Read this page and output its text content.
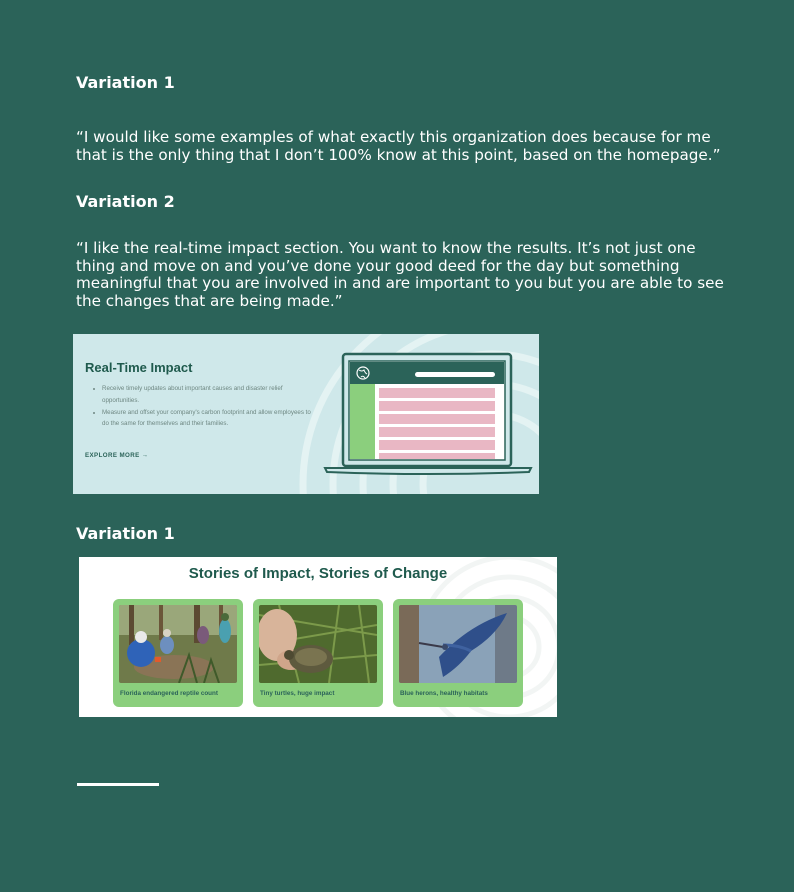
Variation 1

“I would like some examples of what exactly this organization does because for me that is the only thing that I don’t 100% know at this point, based on the homepage.”

Variation 2

“I like the real-time impact section. You want to know the results. It’s not just one thing and move on and you’ve done your good deed for the day but something meaningful that you are involved in and are important to you but you are able to see the changes that are being made.”

Real-Time Impact
Receive timely updates about important causes and disaster relief opportunities.
Measure and offset your company's carbon footprint and allow employees to do the same for themselves and their families.
EXPLORE MORE →
Variation 1
Stories of Impact, Stories of Change
Florida endangered reptile count	Tiny turtles, huge impact	Blue herons, healthy habitats
